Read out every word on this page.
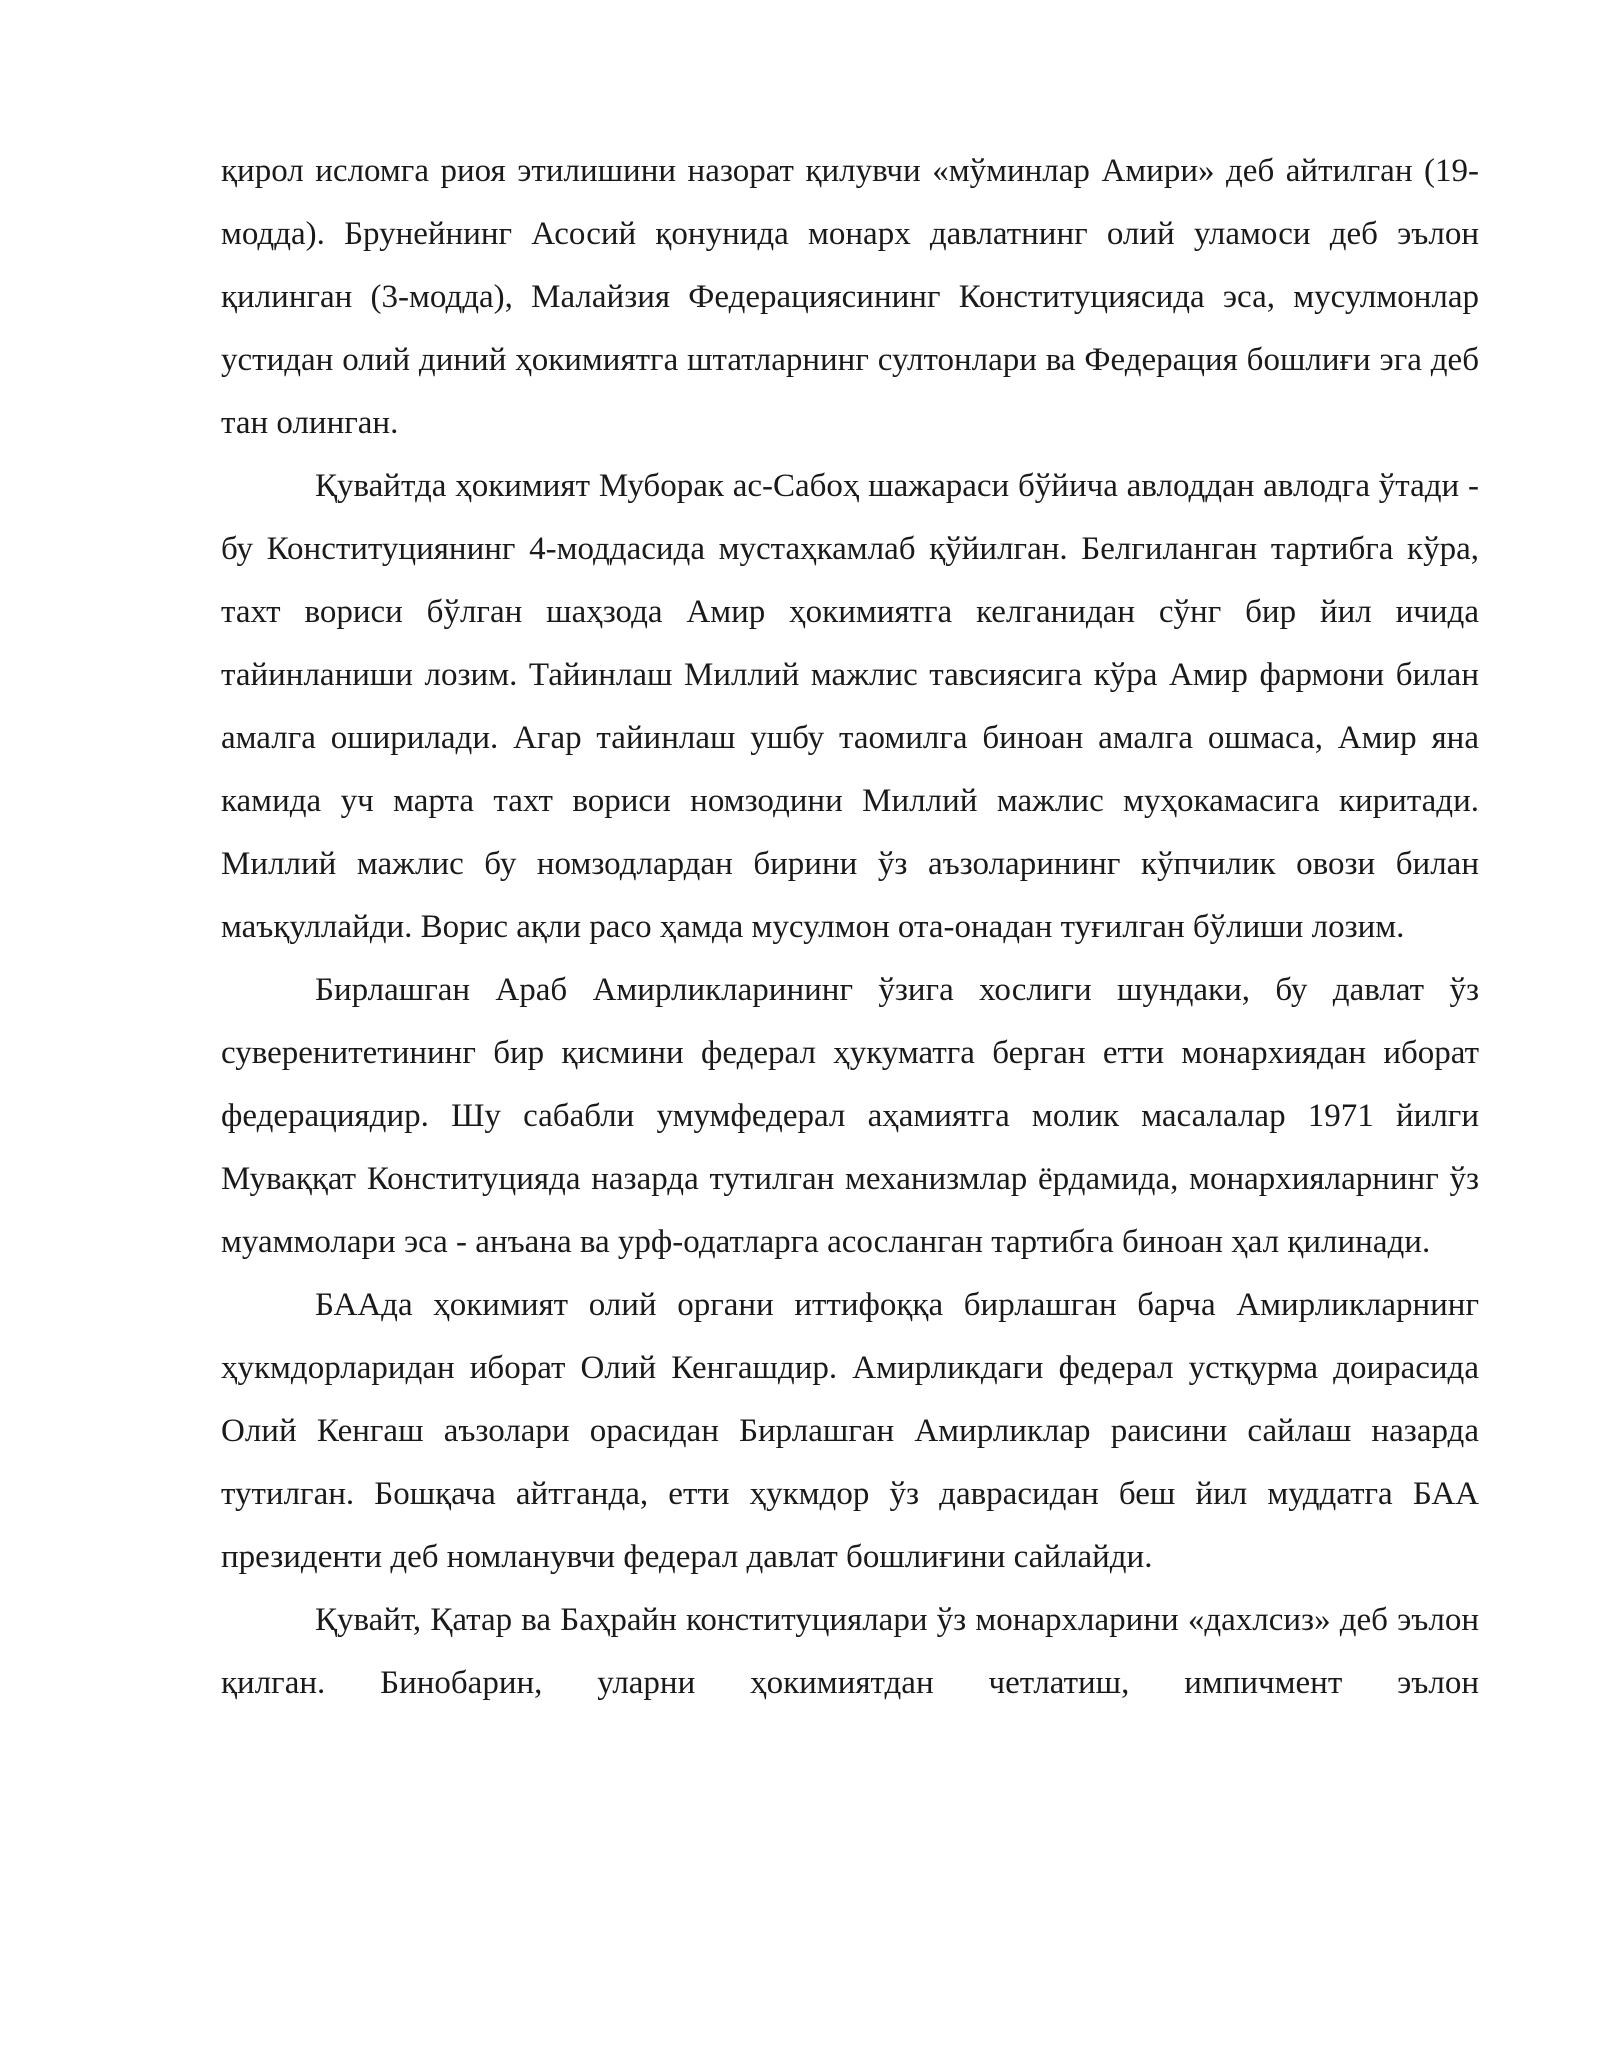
қирол исломга риоя этилишини назорат қилувчи «мўминлар Амири» деб айтилган (19-модда). Брунейнинг Асосий қонунида монарх давлатнинг олий уламоси деб эълон қилинган (3-модда), Малайзия Федерациясининг Конституциясида эса, мусулмонлар устидан олий диний ҳокимиятга штатларнинг султонлари ва Федерация бошлиғи эга деб тан олинган.

Қувайтда ҳокимият Муборак ас-Сабоҳ шажараси бўйича авлоддан авлодга ўтади - бу Конституциянинг 4-моддасида мустаҳкамлаб қўйилган. Белгиланган тартибга кўра, тахт вориси бўлган шаҳзода Амир ҳокимиятга келганидан сўнг бир йил ичида тайинланиши лозим. Тайинлаш Миллий мажлис тавсиясига кўра Амир фармони билан амалга оширилади. Агар тайинлаш ушбу таомилга биноан амалга ошмаса, Амир яна камида уч марта тахт вориси номзодини Миллий мажлис муҳокамасига киритади. Миллий мажлис бу номзодлардан бирини ўз аъзоларининг кўпчилик овози билан маъқуллайди. Ворис ақли расо ҳамда мусулмон ота-онадан туғилган бўлиши лозим.

Бирлашган Араб Амирликларининг ўзига хослиги шундаки, бу давлат ўз суверенитетининг бир қисмини федерал ҳукуматга берган етти монархиядан иборат федерациядир. Шу сабабли умумфедерал аҳамиятга молик масалалар 1971 йилги Муваққат Конституцияда назарда тутилган механизмлар ёрдамида, монархияларнинг ўз муаммолари эса - анъана ва урф-одатларга асосланган тартибга биноан ҳал қилинади.

БААда ҳокимият олий органи иттифоққа бирлашган барча Амирликларнинг ҳукмдорларидан иборат Олий Кенгашдир. Амирликдаги федерал устқурма доирасида Олий Кенгаш аъзолари орасидан Бирлашган Амирликлар раисини сайлаш назарда тутилган. Бошқача айтганда, етти ҳукмдор ўз даврасидан беш йил муддатга БАА президенти деб номланувчи федерал давлат бошлиғини сайлайди.

Қувайт, Қатар ва Баҳрайн конституциялари ўз монархларини «дахлсиз» деб эълон қилган. Бинобарин, уларни ҳокимиятдан четлатиш, импичмент эълон
